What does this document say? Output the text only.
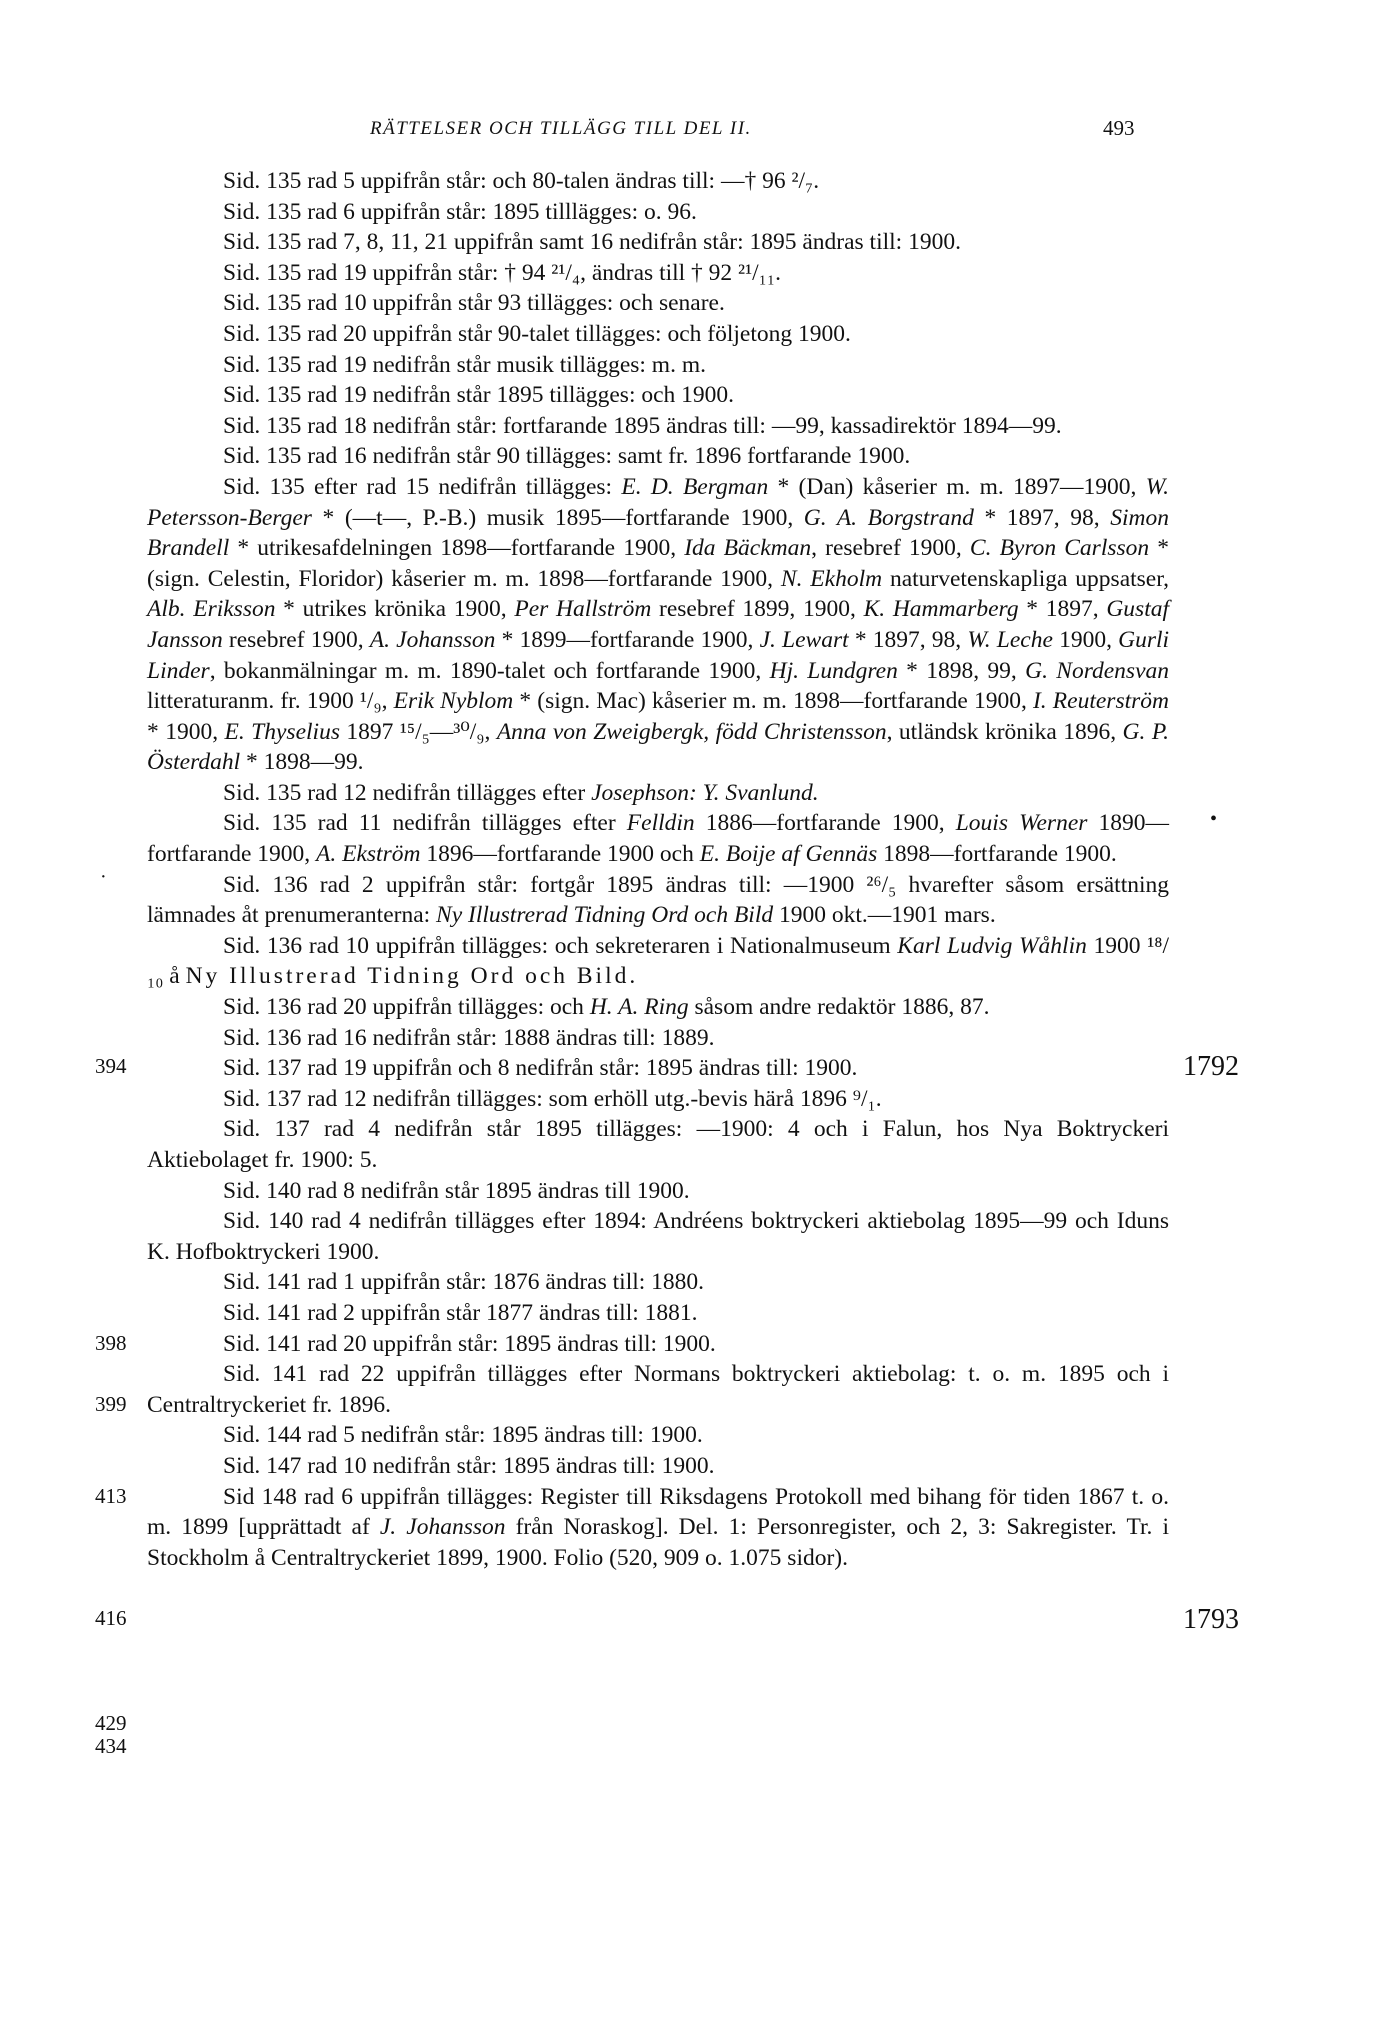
RÄTTELSER OCH TILLÄGG TILL DEL II.	493
394
398
399
413
416
429
434
1792
1793
•
·

Sid. 135 rad 5 uppifrån står: och 80-talen ändras till: —† 96 ²/₇.

Sid. 135 rad 6 uppifrån står: 1895 tilllägges: o. 96.

Sid. 135 rad 7, 8, 11, 21 uppifrån samt 16 nedifrån står: 1895 ändras till: 1900.

Sid. 135 rad 19 uppifrån står: † 94 ²¹/₄, ändras till † 92 ²¹/₁₁.

Sid. 135 rad 10 uppifrån står 93 tillägges: och senare.

Sid. 135 rad 20 uppifrån står 90-talet tillägges: och följetong 1900.

Sid. 135 rad 19 nedifrån står musik tillägges: m. m.

Sid. 135 rad 19 nedifrån står 1895 tillägges: och 1900.

Sid. 135 rad 18 nedifrån står: fortfarande 1895 ändras till: —99, kassadirektör 1894—99.

Sid. 135 rad 16 nedifrån står 90 tillägges: samt fr. 1896 fortfarande 1900.

Sid. 135 efter rad 15 nedifrån tillägges: E. D. Bergman * (Dan) kåserier m. m. 1897—1900, W. Petersson-Berger * (—t—, P.-B.) musik 1895—fortfarande 1900, G. A. Borgstrand * 1897, 98, Simon Brandell * utrikesafdelningen 1898—fortfarande 1900, Ida Bäckman, resebref 1900, C. Byron Carlsson * (sign. Celestin, Floridor) kåserier m. m. 1898—fortfarande 1900, N. Ekholm naturvetenskapliga uppsatser, Alb. Eriksson * utrikes krönika 1900, Per Hallström resebref 1899, 1900, K. Hammarberg * 1897, Gustaf Jansson resebref 1900, A. Johansson * 1899—fortfarande 1900, J. Lewart * 1897, 98, W. Leche 1900, Gurli Linder, bokanmälningar m. m. 1890-talet och fortfarande 1900, Hj. Lundgren * 1898, 99, G. Nordensvan litteraturanm. fr. 1900 ¹/₉, Erik Nyblom * (sign. Mac) kåserier m. m. 1898—fortfarande 1900, I. Reuterström * 1900, E. Thyselius 1897 ¹⁵/₅—³⁰/₉, Anna von Zweigbergk, född Christensson, utländsk krönika 1896, G. P. Österdahl * 1898—99.

Sid. 135 rad 12 nedifrån tillägges efter Josephson: Y. Svanlund.

Sid. 135 rad 11 nedifrån tillägges efter Felldin 1886—fortfarande 1900, Louis Werner 1890—fortfarande 1900, A. Ekström 1896—fortfarande 1900 och E. Boije af Gennäs 1898—fortfarande 1900.

Sid. 136 rad 2 uppifrån står: fortgår 1895 ändras till: —1900 ²⁶/₅ hvarefter såsom ersättning lämnades åt prenumeranterna: Ny Illustrerad Tidning Ord och Bild 1900 okt.—1901 mars.

Sid. 136 rad 10 uppifrån tillägges: och sekreteraren i Nationalmuseum Karl Ludvig Wåhlin 1900 ¹⁸/₁₀ å Ny Illustrerad Tidning Ord och Bild.

Sid. 136 rad 20 uppifrån tillägges: och H. A. Ring såsom andre redaktör 1886, 87.

Sid. 136 rad 16 nedifrån står: 1888 ändras till: 1889.

Sid. 137 rad 19 uppifrån och 8 nedifrån står: 1895 ändras till: 1900.

Sid. 137 rad 12 nedifrån tillägges: som erhöll utg.-bevis härå 1896 ⁹/₁.

Sid. 137 rad 4 nedifrån står 1895 tillägges: —1900: 4 och i Falun, hos Nya Boktryckeri Aktiebolaget fr. 1900: 5.

Sid. 140 rad 8 nedifrån står 1895 ändras till 1900.

Sid. 140 rad 4 nedifrån tillägges efter 1894: Andréens boktryckeri aktiebolag 1895—99 och Iduns K. Hofboktryckeri 1900.

Sid. 141 rad 1 uppifrån står: 1876 ändras till: 1880.

Sid. 141 rad 2 uppifrån står 1877 ändras till: 1881.

Sid. 141 rad 20 uppifrån står: 1895 ändras till: 1900.

Sid. 141 rad 22 uppifrån tillägges efter Normans boktryckeri aktiebolag: t. o. m. 1895 och i Centraltryckeriet fr. 1896.

Sid. 144 rad 5 nedifrån står: 1895 ändras till: 1900.

Sid. 147 rad 10 nedifrån står: 1895 ändras till: 1900.

Sid 148 rad 6 uppifrån tillägges: Register till Riksdagens Protokoll med bihang för tiden 1867 t. o. m. 1899 [upprättadt af J. Johansson från Noraskog]. Del. 1: Personregister, och 2, 3: Sakregister. Tr. i Stockholm å Centraltryckeriet 1899, 1900. Folio (520, 909 o. 1.075 sidor).
